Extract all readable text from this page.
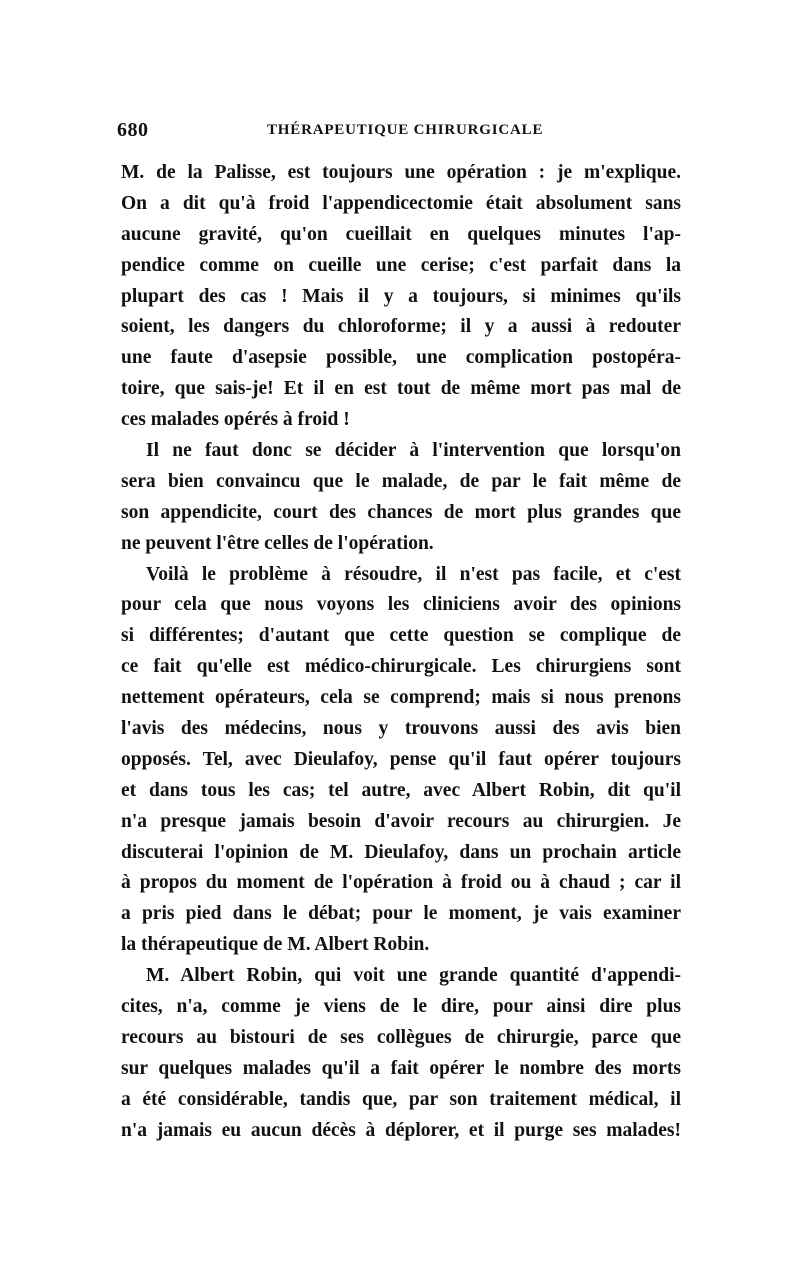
680	THÉRAPEUTIQUE CHIRURGICALE
M. de la Palisse, est toujours une opération : je m'explique.
On a dit qu'à froid l'appendicectomie était absolument sans
aucune gravité, qu'on cueillait en quelques minutes l'ap-
pendice comme on cueille une cerise; c'est parfait dans la
plupart des cas ! Mais il y a toujours, si minimes qu'ils
soient, les dangers du chloroforme; il y a aussi à redouter
une faute d'asepsie possible, une complication postopéra-
toire, que sais-je! Et il en est tout de même mort pas mal de
ces malades opérés à froid !
Il ne faut donc se décider à l'intervention que lorsqu'on
sera bien convaincu que le malade, de par le fait même de
son appendicite, court des chances de mort plus grandes que
ne peuvent l'être celles de l'opération.
Voilà le problème à résoudre, il n'est pas facile, et c'est
pour cela que nous voyons les cliniciens avoir des opinions
si différentes; d'autant que cette question se complique de
ce fait qu'elle est médico-chirurgicale. Les chirurgiens sont
nettement opérateurs, cela se comprend; mais si nous prenons
l'avis des médecins, nous y trouvons aussi des avis bien
opposés. Tel, avec Dieulafoy, pense qu'il faut opérer toujours
et dans tous les cas; tel autre, avec Albert Robin, dit qu'il
n'a presque jamais besoin d'avoir recours au chirurgien. Je
discuterai l'opinion de M. Dieulafoy, dans un prochain article
à propos du moment de l'opération à froid ou à chaud ; car il
a pris pied dans le débat; pour le moment, je vais examiner
la thérapeutique de M. Albert Robin.
M. Albert Robin, qui voit une grande quantité d'appendi-
cites, n'a, comme je viens de le dire, pour ainsi dire plus
recours au bistouri de ses collègues de chirurgie, parce que
sur quelques malades qu'il a fait opérer le nombre des morts
a été considérable, tandis que, par son traitement médical, il
n'a jamais eu aucun décès à déplorer, et il purge ses malades!
